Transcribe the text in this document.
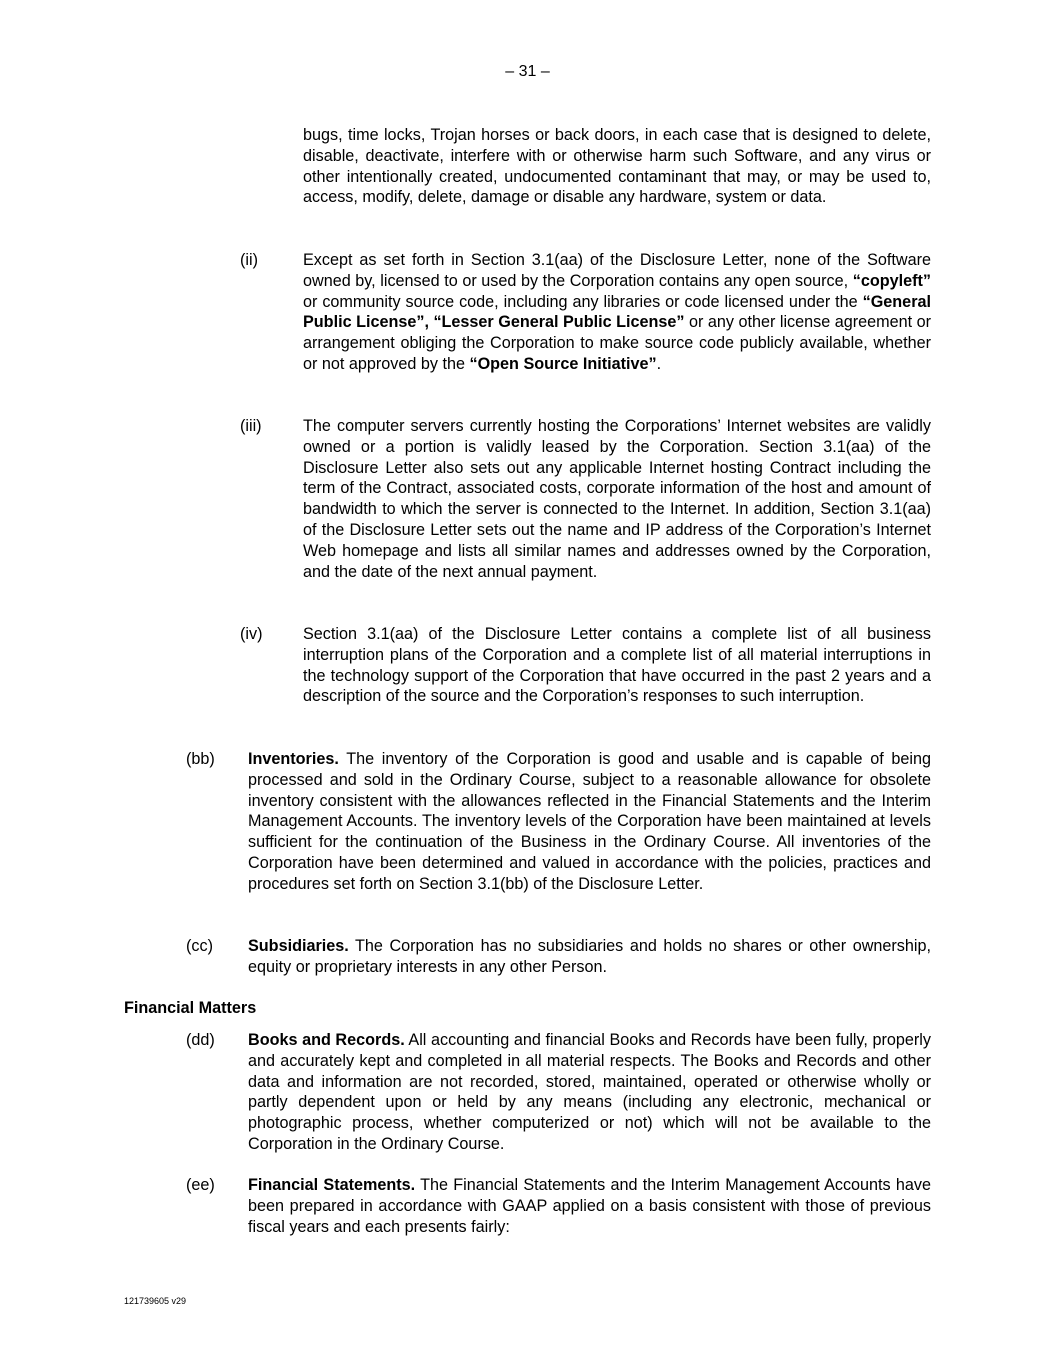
– 31 –
bugs, time locks, Trojan horses or back doors, in each case that is designed to delete, disable, deactivate, interfere with or otherwise harm such Software, and any virus or other intentionally created, undocumented contaminant that may, or may be used to, access, modify, delete, damage or disable any hardware, system or data.
(ii)	Except as set forth in Section 3.1(aa) of the Disclosure Letter, none of the Software owned by, licensed to or used by the Corporation contains any open source, “copyleft” or community source code, including any libraries or code licensed under the “General Public License”, “Lesser General Public License” or any other license agreement or arrangement obliging the Corporation to make source code publicly available, whether or not approved by the “Open Source Initiative”.
(iii)	The computer servers currently hosting the Corporations’ Internet websites are validly owned or a portion is validly leased by the Corporation. Section 3.1(aa) of the Disclosure Letter also sets out any applicable Internet hosting Contract including the term of the Contract, associated costs, corporate information of the host and amount of bandwidth to which the server is connected to the Internet. In addition, Section 3.1(aa) of the Disclosure Letter sets out the name and IP address of the Corporation’s Internet Web homepage and lists all similar names and addresses owned by the Corporation, and the date of the next annual payment.
(iv)	Section 3.1(aa) of the Disclosure Letter contains a complete list of all business interruption plans of the Corporation and a complete list of all material interruptions in the technology support of the Corporation that have occurred in the past 2 years and a description of the source and the Corporation’s responses to such interruption.
(bb) Inventories. The inventory of the Corporation is good and usable and is capable of being processed and sold in the Ordinary Course, subject to a reasonable allowance for obsolete inventory consistent with the allowances reflected in the Financial Statements and the Interim Management Accounts. The inventory levels of the Corporation have been maintained at levels sufficient for the continuation of the Business in the Ordinary Course. All inventories of the Corporation have been determined and valued in accordance with the policies, practices and procedures set forth on Section 3.1(bb) of the Disclosure Letter.
(cc) Subsidiaries. The Corporation has no subsidiaries and holds no shares or other ownership, equity or proprietary interests in any other Person.
Financial Matters
(dd) Books and Records. All accounting and financial Books and Records have been fully, properly and accurately kept and completed in all material respects. The Books and Records and other data and information are not recorded, stored, maintained, operated or otherwise wholly or partly dependent upon or held by any means (including any electronic, mechanical or photographic process, whether computerized or not) which will not be available to the Corporation in the Ordinary Course.
(ee) Financial Statements. The Financial Statements and the Interim Management Accounts have been prepared in accordance with GAAP applied on a basis consistent with those of previous fiscal years and each presents fairly:
121739605 v29
